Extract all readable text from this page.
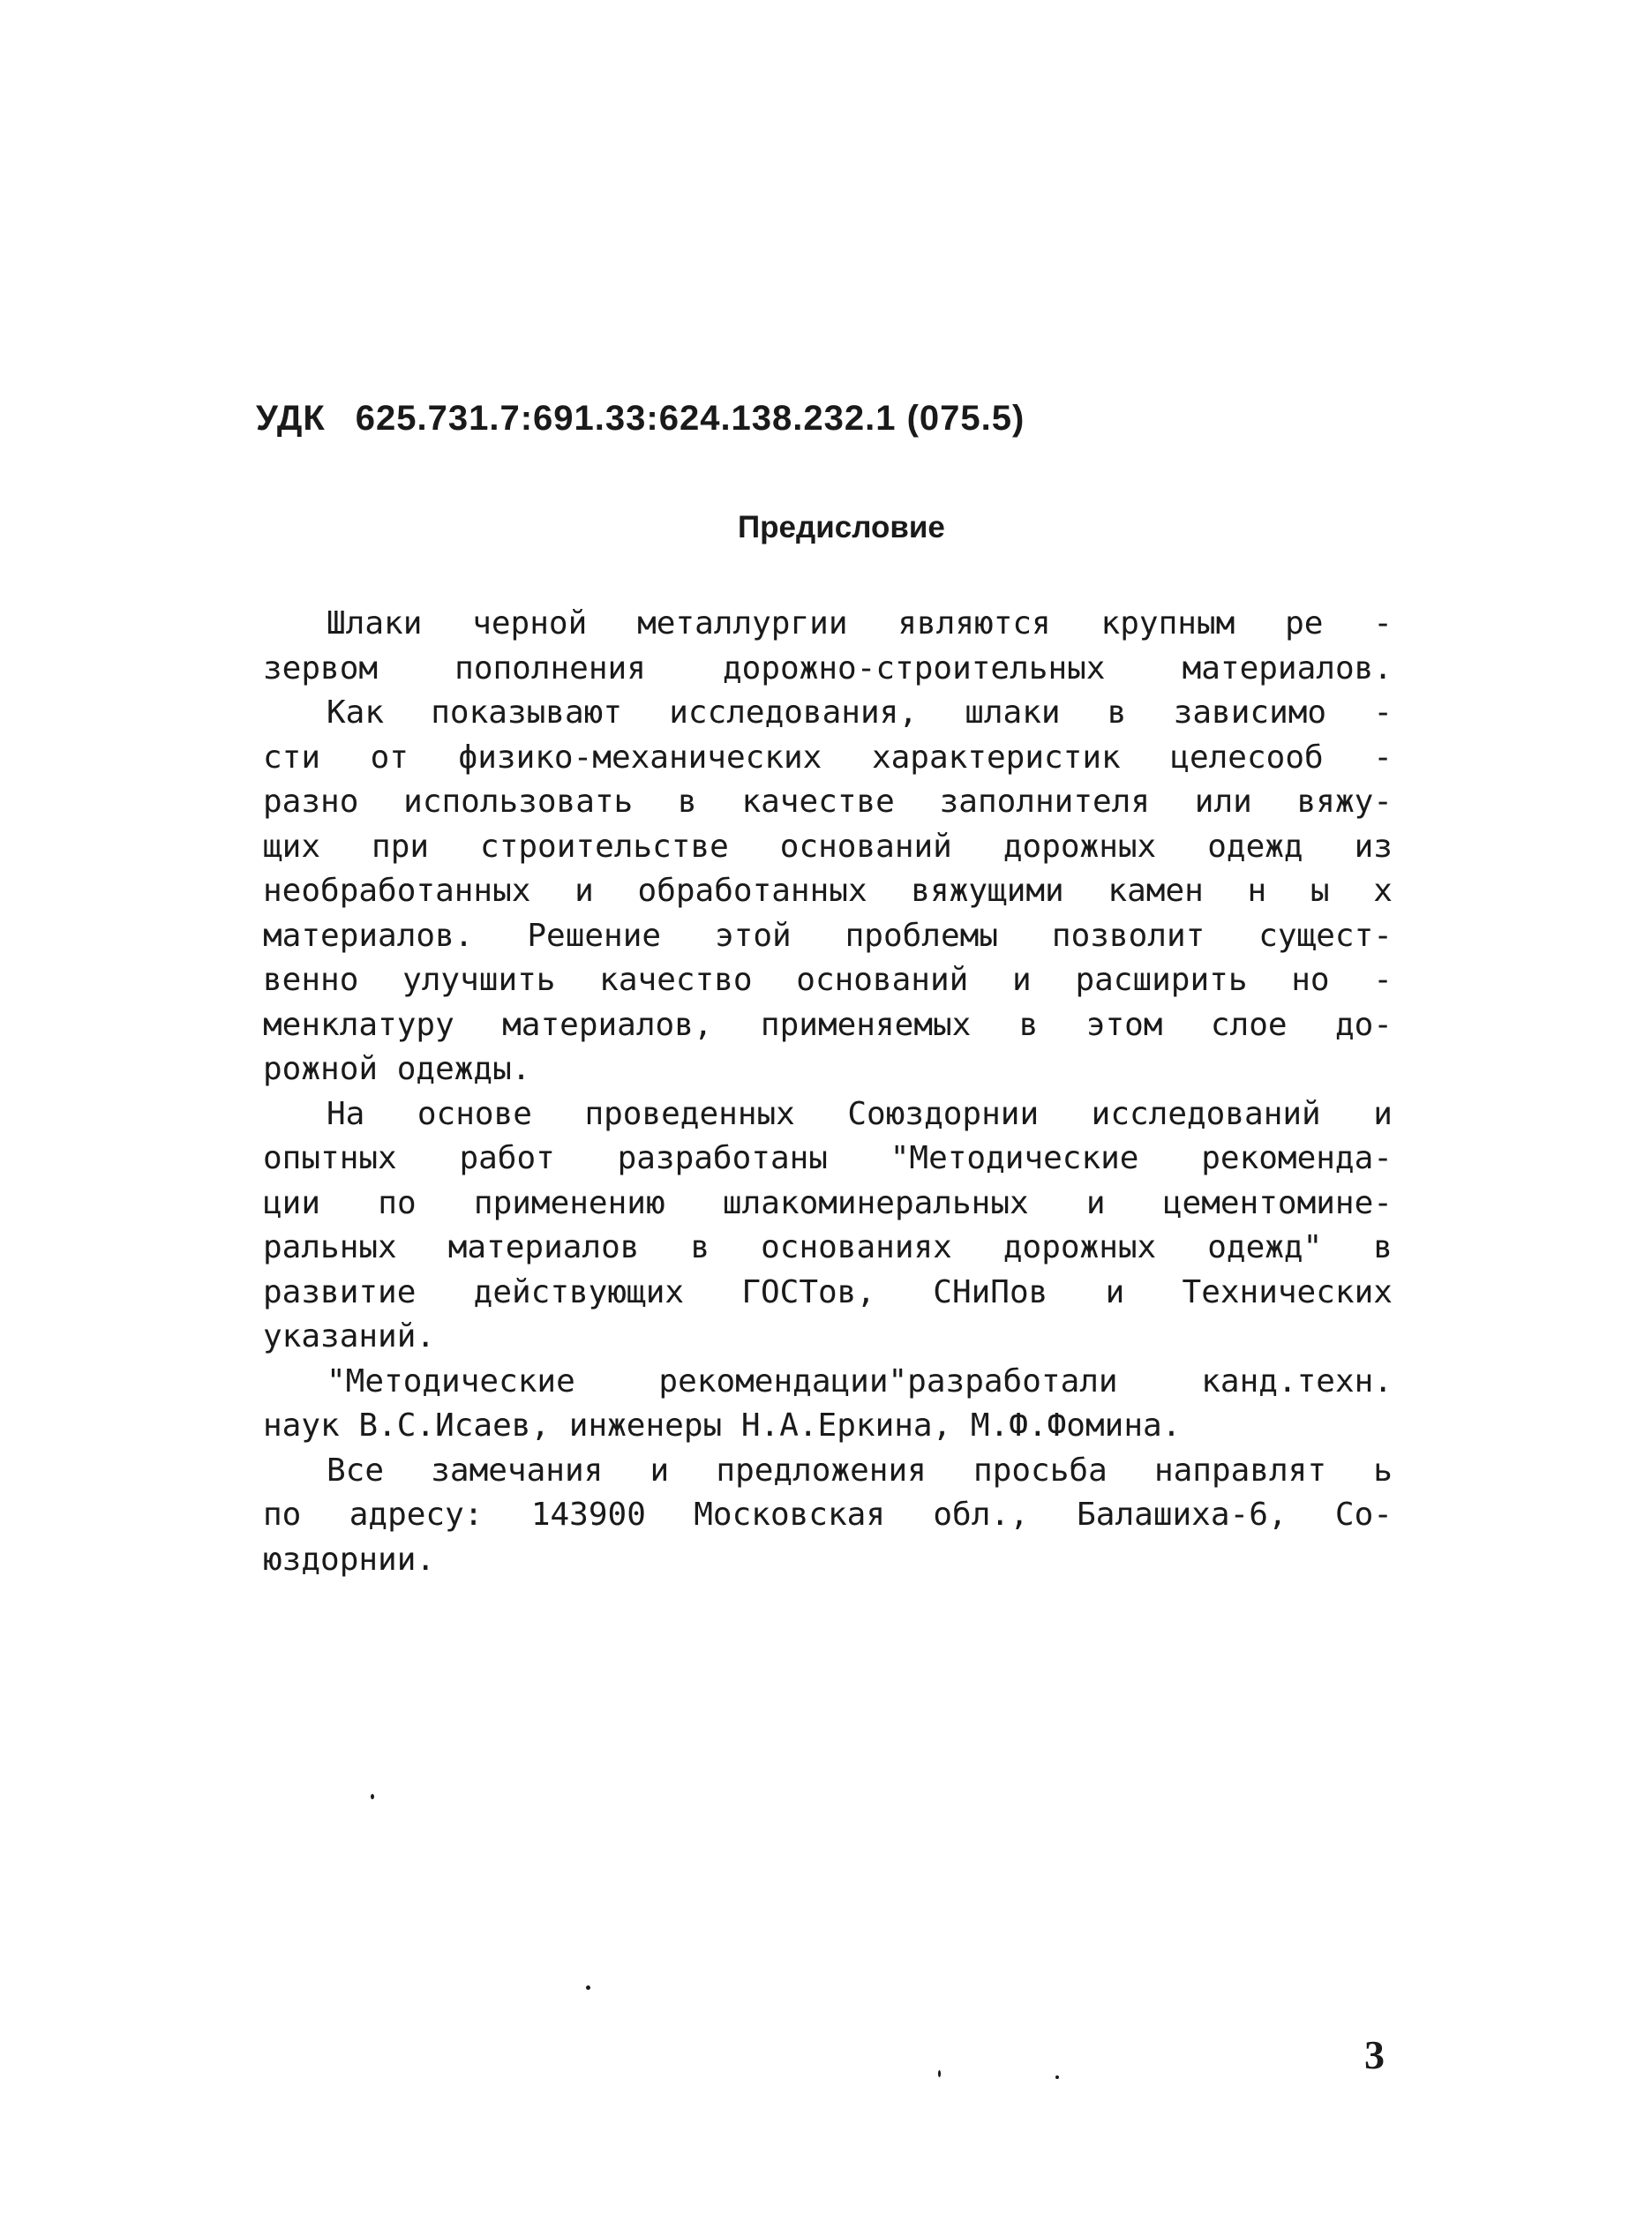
УДК 625.731.7:691.33:624.138.232.1 (075.5)
Предисловие
Шлаки черной металлургии являются крупным ре -
зервом пополнения дорожно-строительных материалов.
Как показывают исследования, шлаки в зависимо -
сти от физико-механических характеристик целесооб -
разно использовать в качестве заполнителя или вяжу-
щих при строительстве оснований дорожных одежд из
необработанных и обработанных вяжущими камен н ы х
материалов. Решение этой проблемы позволит сущест-
венно улучшить качество оснований и расширить но -
менклатуру материалов, применяемых в этом слое до-
рожной одежды.
На основе проведенных Союздорнии исследований и
опытных работ разработаны "Методические рекоменда-
ции по применению шлакоминеральных и цементомине-
ральных материалов в основаниях дорожных одежд" в
развитие действующих ГОСТов, СНиПов и Технических
указаний.
"Методические	рекомендации"разработали	канд.техн.
наук В.С.Исаев, инженеры Н.А.Еркина, М.Ф.Фомина.
Все замечания и предложения просьба направлят ь
по адресу: 143900 Московская обл., Балашиха-6, Со-
юздорнии.
3
